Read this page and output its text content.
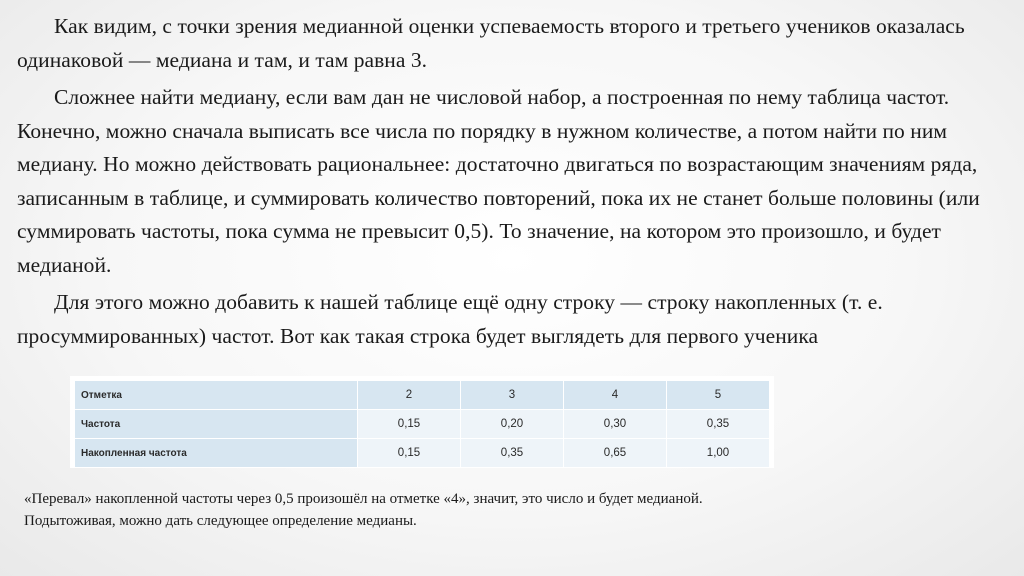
Как видим, с точки зрения медианной оценки успеваемость второго и третьего учеников оказалась одинаковой — медиана и там, и там равна 3.

Сложнее найти медиану, если вам дан не числовой набор, а построенная по нему таблица частот. Конечно, можно сначала выписать все числа по порядку в нужном количестве, а потом найти по ним медиану. Но можно действовать рациональнее: достаточно двигаться по возрастающим значениям ряда, записанным в таблице, и суммировать количество повторений, пока их не станет больше половины (или суммировать частоты, пока сумма не превысит 0,5). То значение, на котором это произошло, и будет медианой.

Для этого можно добавить к нашей таблице ещё одну строку — строку накопленных (т. е. просуммированных) частот. Вот как такая строка будет выглядеть для первого ученика

Отметка	2	3	4	5
Частота	0,15	0,20	0,30	0,35
Накопленная частота	0,15	0,35	0,65	1,00

«Перевал» накопленной частоты через 0,5 произошёл на отметке «4», значит, это число и будет медианой.

Подытоживая, можно дать следующее определение медианы.
